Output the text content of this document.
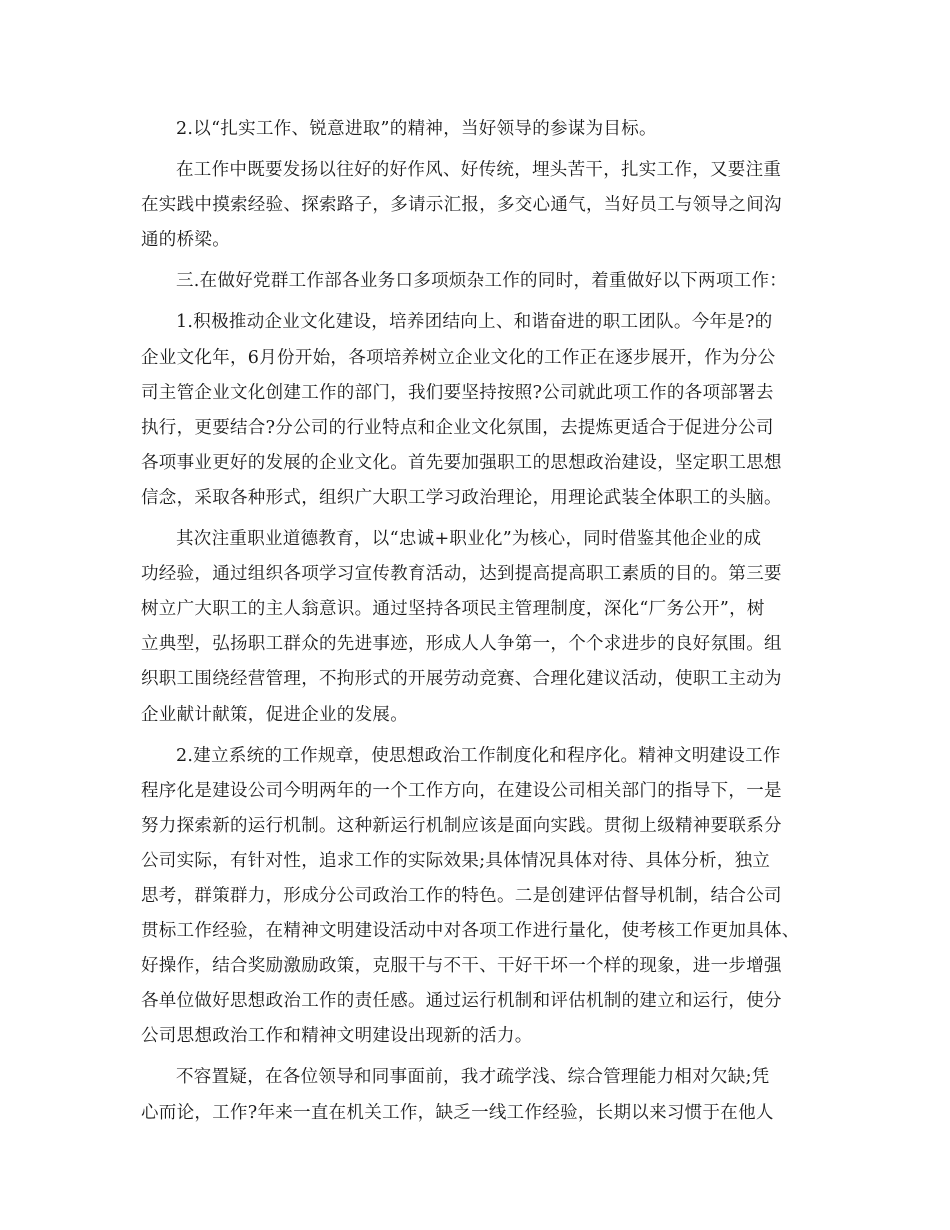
2.以“扎实工作、锐意进取”的精神，当好领导的参谋为目标。

在工作中既要发扬以往好的好作风、好传统，埋头苦干，扎实工作，又要注重
在实践中摸索经验、探索路子，多请示汇报，多交心通气，当好员工与领导之间沟
通的桥梁。

三.在做好党群工作部各业务口多项烦杂工作的同时，着重做好以下两项工作：

1.积极推动企业文化建设，培养团结向上、和谐奋进的职工团队。今年是?的
企业文化年，6月份开始，各项培养树立企业文化的工作正在逐步展开，作为分公
司主管企业文化创建工作的部门，我们要坚持按照?公司就此项工作的各项部署去
执行，更要结合?分公司的行业特点和企业文化氛围，去提炼更适合于促进分公司
各项事业更好的发展的企业文化。首先要加强职工的思想政治建设，坚定职工思想
信念，采取各种形式，组织广大职工学习政治理论，用理论武装全体职工的头脑。

其次注重职业道德教育，以“忠诚+职业化”为核心，同时借鉴其他企业的成
功经验，通过组织各项学习宣传教育活动，达到提高提高职工素质的目的。第三要
树立广大职工的主人翁意识。通过坚持各项民主管理制度，深化“厂务公开”，树
立典型，弘扬职工群众的先进事迹，形成人人争第一，个个求进步的良好氛围。组
织职工围绕经营管理，不拘形式的开展劳动竞赛、合理化建议活动，使职工主动为
企业献计献策，促进企业的发展。

2.建立系统的工作规章，使思想政治工作制度化和程序化。精神文明建设工作
程序化是建设公司今明两年的一个工作方向，在建设公司相关部门的指导下，一是
努力探索新的运行机制。这种新运行机制应该是面向实践。贯彻上级精神要联系分
公司实际，有针对性，追求工作的实际效果;具体情况具体对待、具体分析，独立
思考，群策群力，形成分公司政治工作的特色。二是创建评估督导机制，结合公司
贯标工作经验，在精神文明建设活动中对各项工作进行量化，使考核工作更加具体、
好操作，结合奖励激励政策，克服干与不干、干好干坏一个样的现象，进一步增强
各单位做好思想政治工作的责任感。通过运行机制和评估机制的建立和运行，使分
公司思想政治工作和精神文明建设出现新的活力。

不容置疑，在各位领导和同事面前，我才疏学浅、综合管理能力相对欠缺;凭
心而论，工作?年来一直在机关工作，缺乏一线工作经验，长期以来习惯于在他人
